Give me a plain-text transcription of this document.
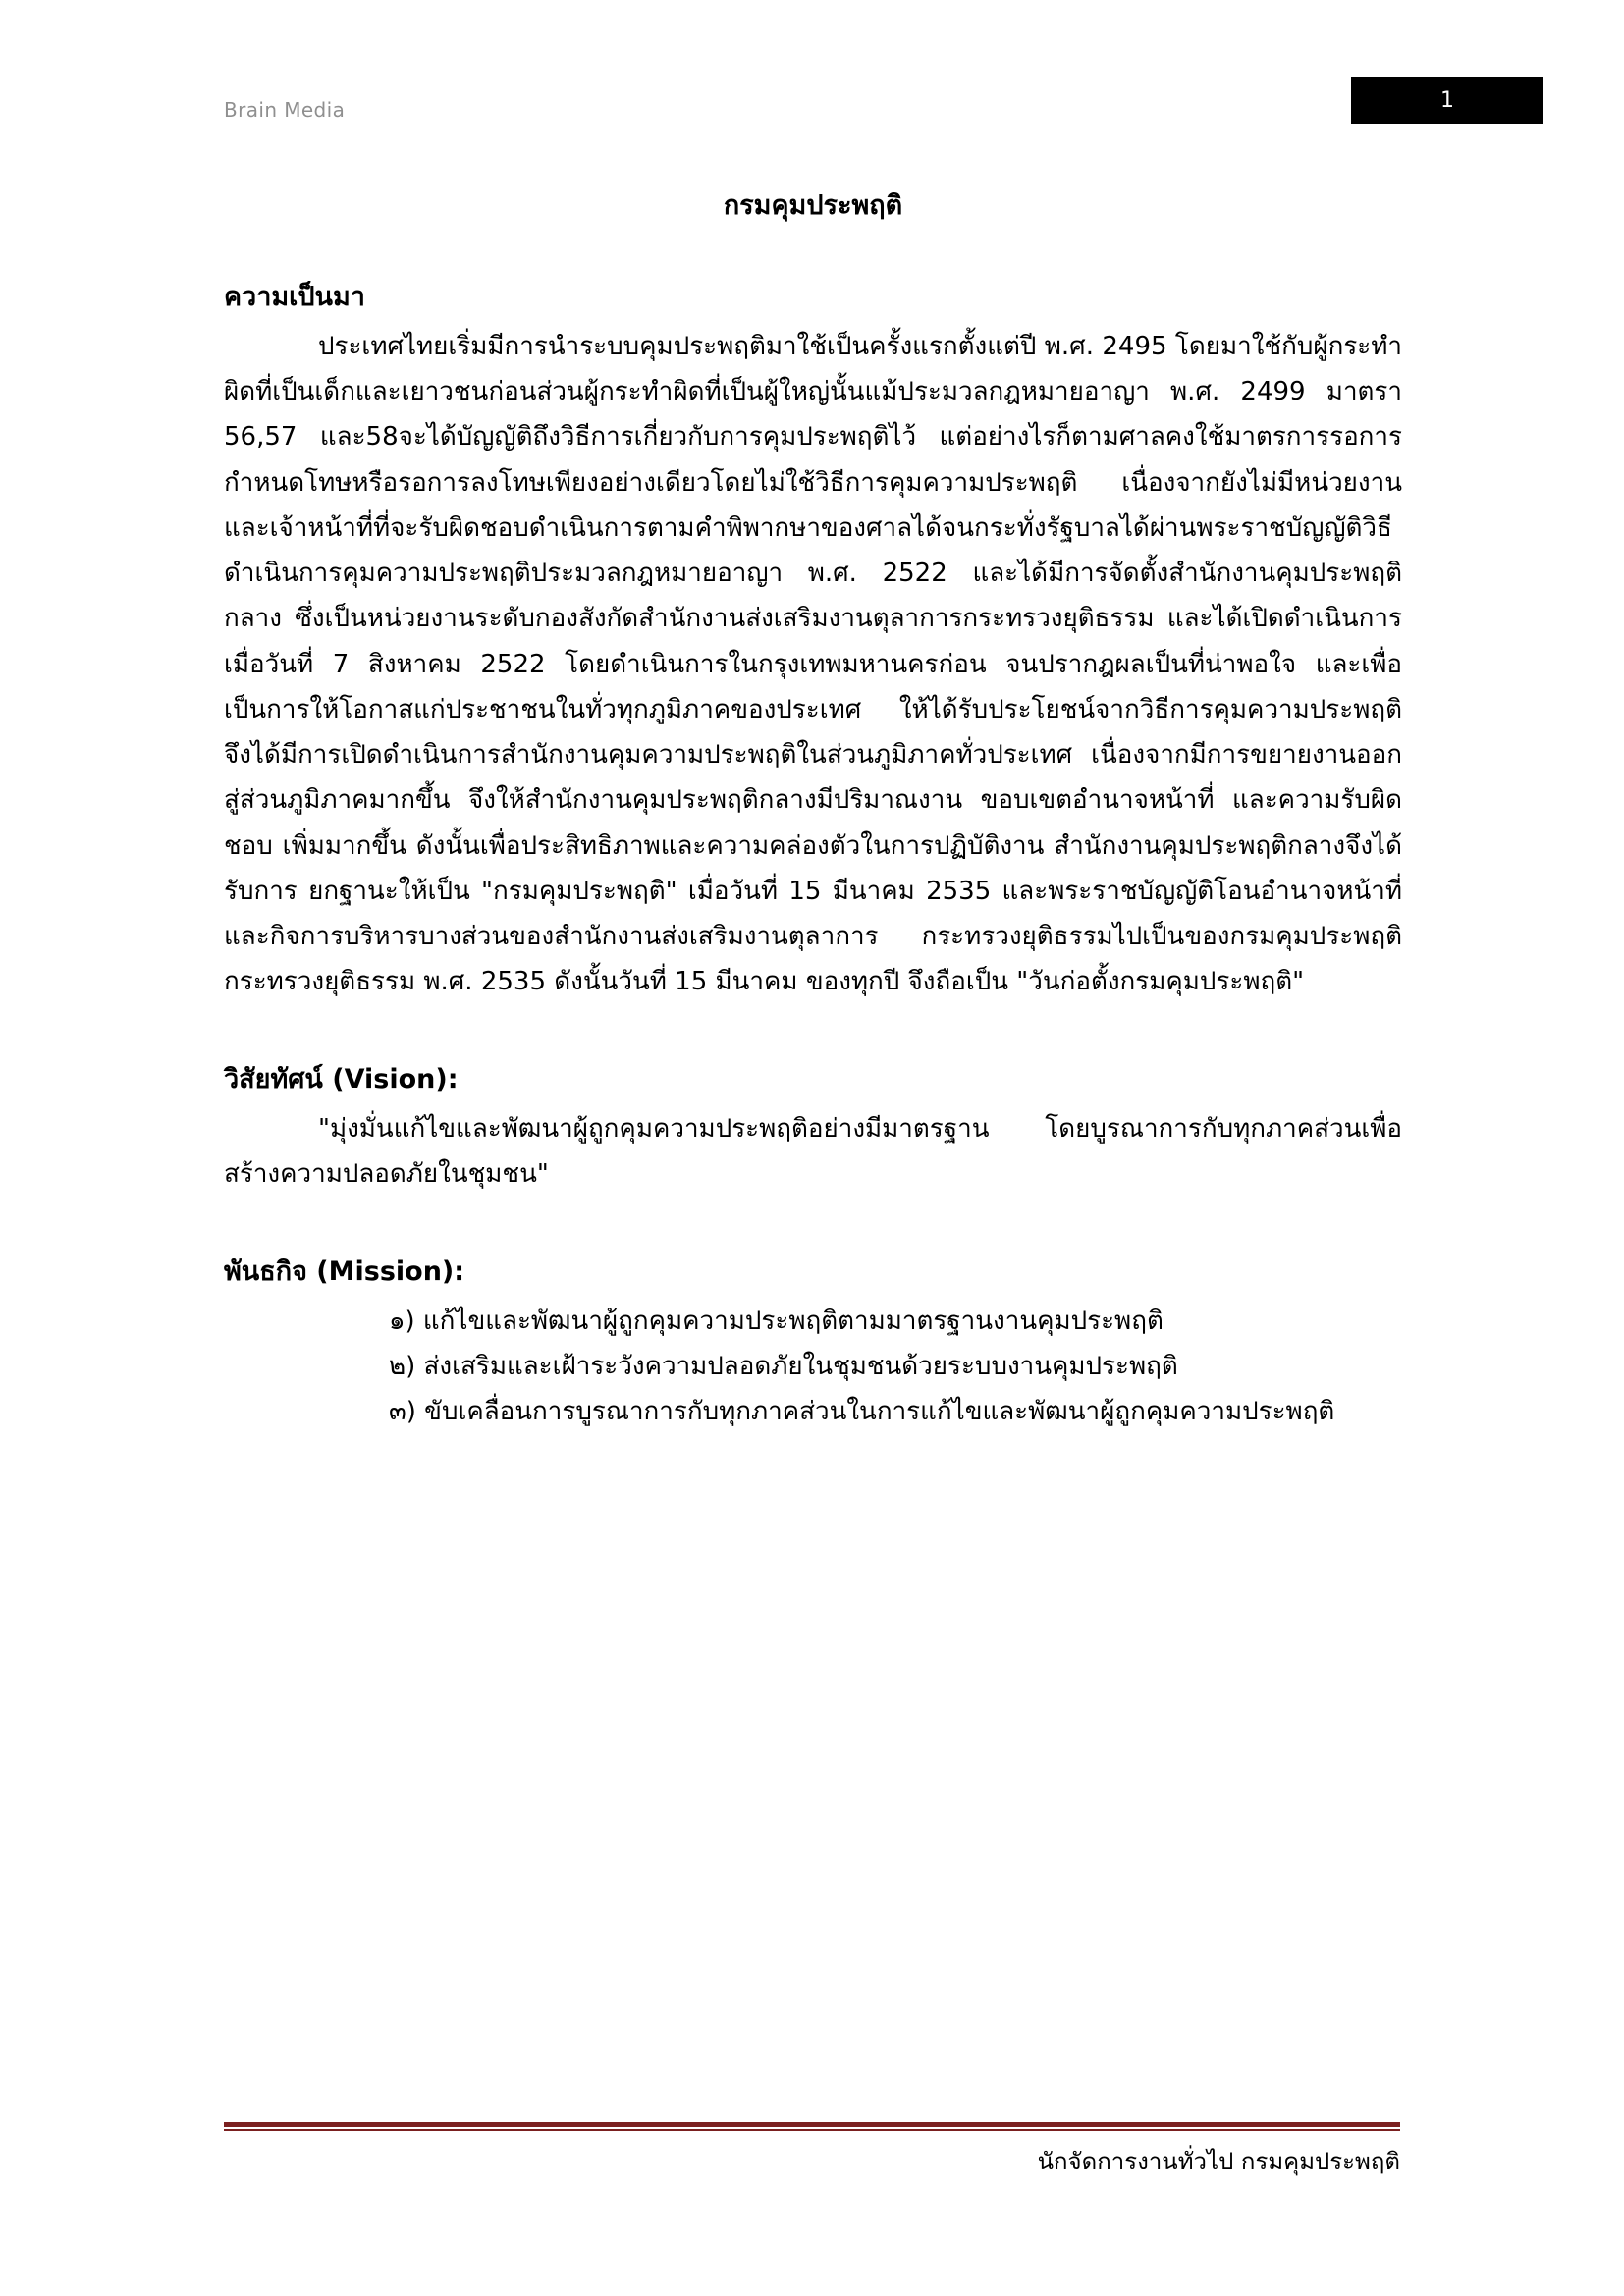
Brain Media	1
กรมคุมประพฤติ
ความเป็นมา

ประเทศไทยเริ่มมีการนำระบบคุมประพฤติมาใช้เป็นครั้งแรกตั้งแต่ปี พ.ศ. 2495 โดยมาใช้กับผู้กระทำผิดที่เป็นเด็กและเยาวชนก่อนส่วนผู้กระทำผิดที่เป็นผู้ใหญ่นั้นแม้ประมวลกฎหมายอาญา พ.ศ. 2499 มาตรา 56,57 และ58จะได้บัญญัติถึงวิธีการเกี่ยวกับการคุมประพฤติไว้ แต่อย่างไรก็ตามศาลคงใช้มาตรการรอการกำหนดโทษหรือรอการลงโทษเพียงอย่างเดียวโดยไม่ใช้วิธีการคุมความประพฤติ เนื่องจากยังไม่มีหน่วยงานและเจ้าหน้าที่ที่จะรับผิดชอบดำเนินการตามคำพิพากษาของศาลได้จนกระทั่งรัฐบาลได้ผ่านพระราชบัญญัติวิธีดำเนินการคุมความประพฤติประมวลกฎหมายอาญา พ.ศ. 2522 และได้มีการจัดตั้งสำนักงานคุมประพฤติกลาง ซึ่งเป็นหน่วยงานระดับกองสังกัดสำนักงานส่งเสริมงานตุลาการกระทรวงยุติธรรม และได้เปิดดำเนินการเมื่อวันที่ 7 สิงหาคม 2522 โดยดำเนินการในกรุงเทพมหานครก่อน จนปรากฎผลเป็นที่น่าพอใจ และเพื่อเป็นการให้โอกาสแก่ประชาชนในทั่วทุกภูมิภาคของประเทศ ให้ได้รับประโยชน์จากวิธีการคุมความประพฤติ จึงได้มีการเปิดดำเนินการสำนักงานคุมความประพฤติในส่วนภูมิภาคทั่วประเทศ เนื่องจากมีการขยายงานออกสู่ส่วนภูมิภาคมากขึ้น จึงให้สำนักงานคุมประพฤติกลางมีปริมาณงาน ขอบเขตอำนาจหน้าที่ และความรับผิดชอบ เพิ่มมากขึ้น ดังนั้นเพื่อประสิทธิภาพและความคล่องตัวในการปฏิบัติงาน สำนักงานคุมประพฤติกลางจึงได้รับการ ยกฐานะให้เป็น "กรมคุมประพฤติ" เมื่อวันที่ 15 มีนาคม 2535 และพระราชบัญญัติโอนอำนาจหน้าที่ และกิจการบริหารบางส่วนของสำนักงานส่งเสริมงานตุลาการ กระทรวงยุติธรรมไปเป็นของกรมคุมประพฤติกระทรวงยุติธรรม พ.ศ. 2535 ดังนั้นวันที่ 15 มีนาคม ของทุกปี จึงถือเป็น "วันก่อตั้งกรมคุมประพฤติ"

วิสัยทัศน์ (Vision):

"มุ่งมั่นแก้ไขและพัฒนาผู้ถูกคุมความประพฤติอย่างมีมาตรฐาน โดยบูรณาการกับทุกภาคส่วนเพื่อสร้างความปลอดภัยในชุมชน"

พันธกิจ (Mission):
๑) แก้ไขและพัฒนาผู้ถูกคุมความประพฤติตามมาตรฐานงานคุมประพฤติ
๒) ส่งเสริมและเฝ้าระวังความปลอดภัยในชุมชนด้วยระบบงานคุมประพฤติ
๓) ขับเคลื่อนการบูรณาการกับทุกภาคส่วนในการแก้ไขและพัฒนาผู้ถูกคุมความประพฤติ
นักจัดการงานทั่วไป กรมคุมประพฤติ
